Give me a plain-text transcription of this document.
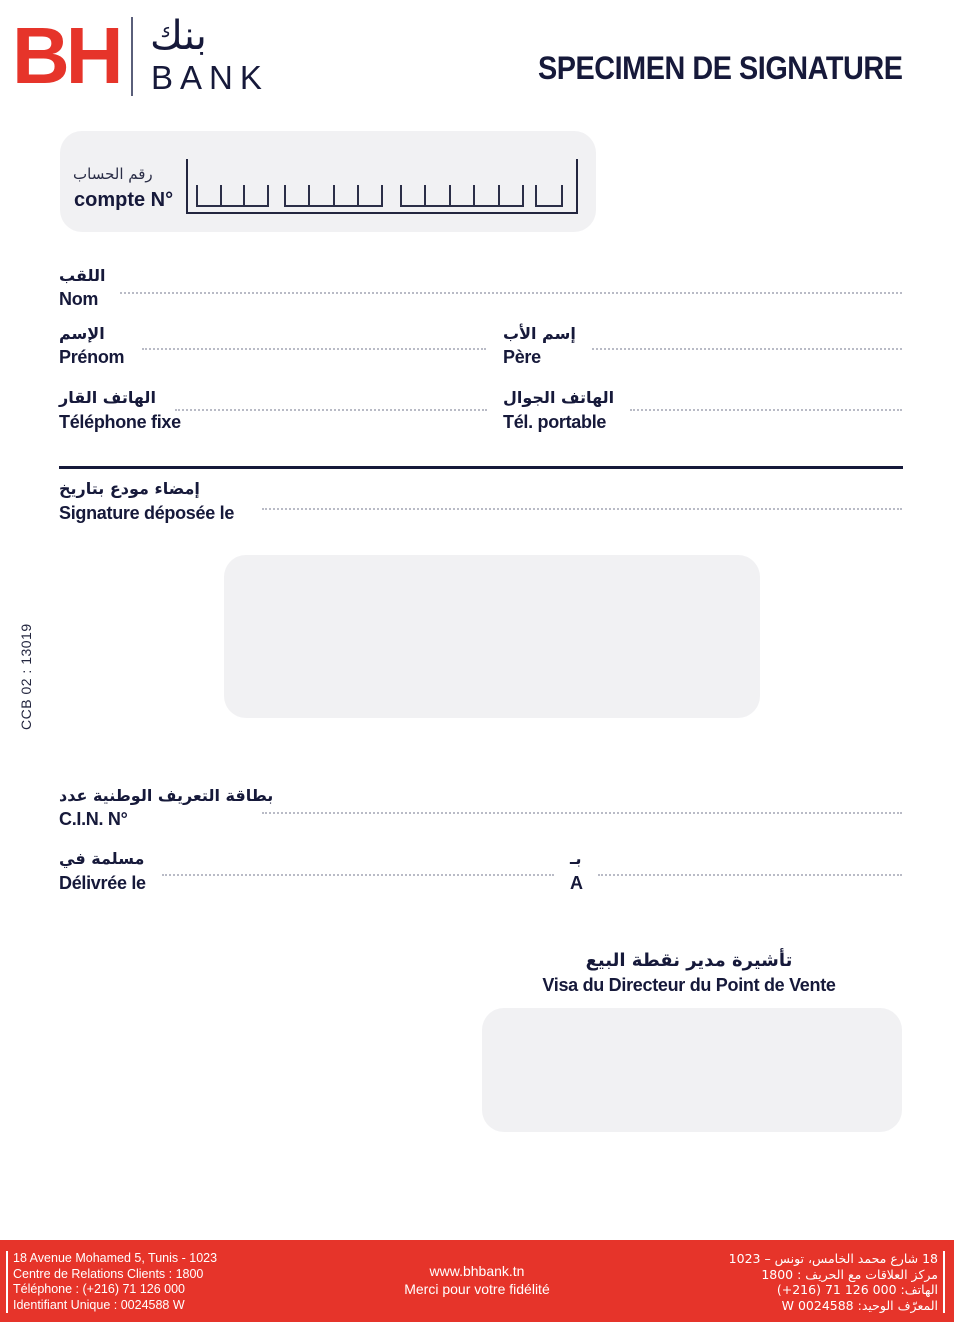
BH بنك
BANK	SPECIMEN DE SIGNATURE
رقم الحساب
compte N°
اللقب
Nom
الإسم
Prénom
إسم الأب
Père
الهاتف القار
Téléphone fixe
الهاتف الجوال
Tél. portable
إمضاء مودع بتاريخ
Signature déposée le
CCB 02 : 13019
بطاقة التعريف الوطنية عدد
C.I.N. N°
مسلمة في
Délivrée le
بـ
A
تأشيرة مدير نقطة البيع
Visa du Directeur du Point de Vente
18 Avenue Mohamed 5, Tunis - 1023
Centre de Relations Clients : 1800
Téléphone : (+216) 71 126 000
Identifiant Unique : 0024588 W
www.bhbank.tn
Merci pour votre fidélité
18 شارع محمد الخامس، تونس – 1023
مركز العلاقات مع الحريف : 1800
الهاتف: 000 126 71 (216+)
المعرّف الوحيد: 0024588 W
